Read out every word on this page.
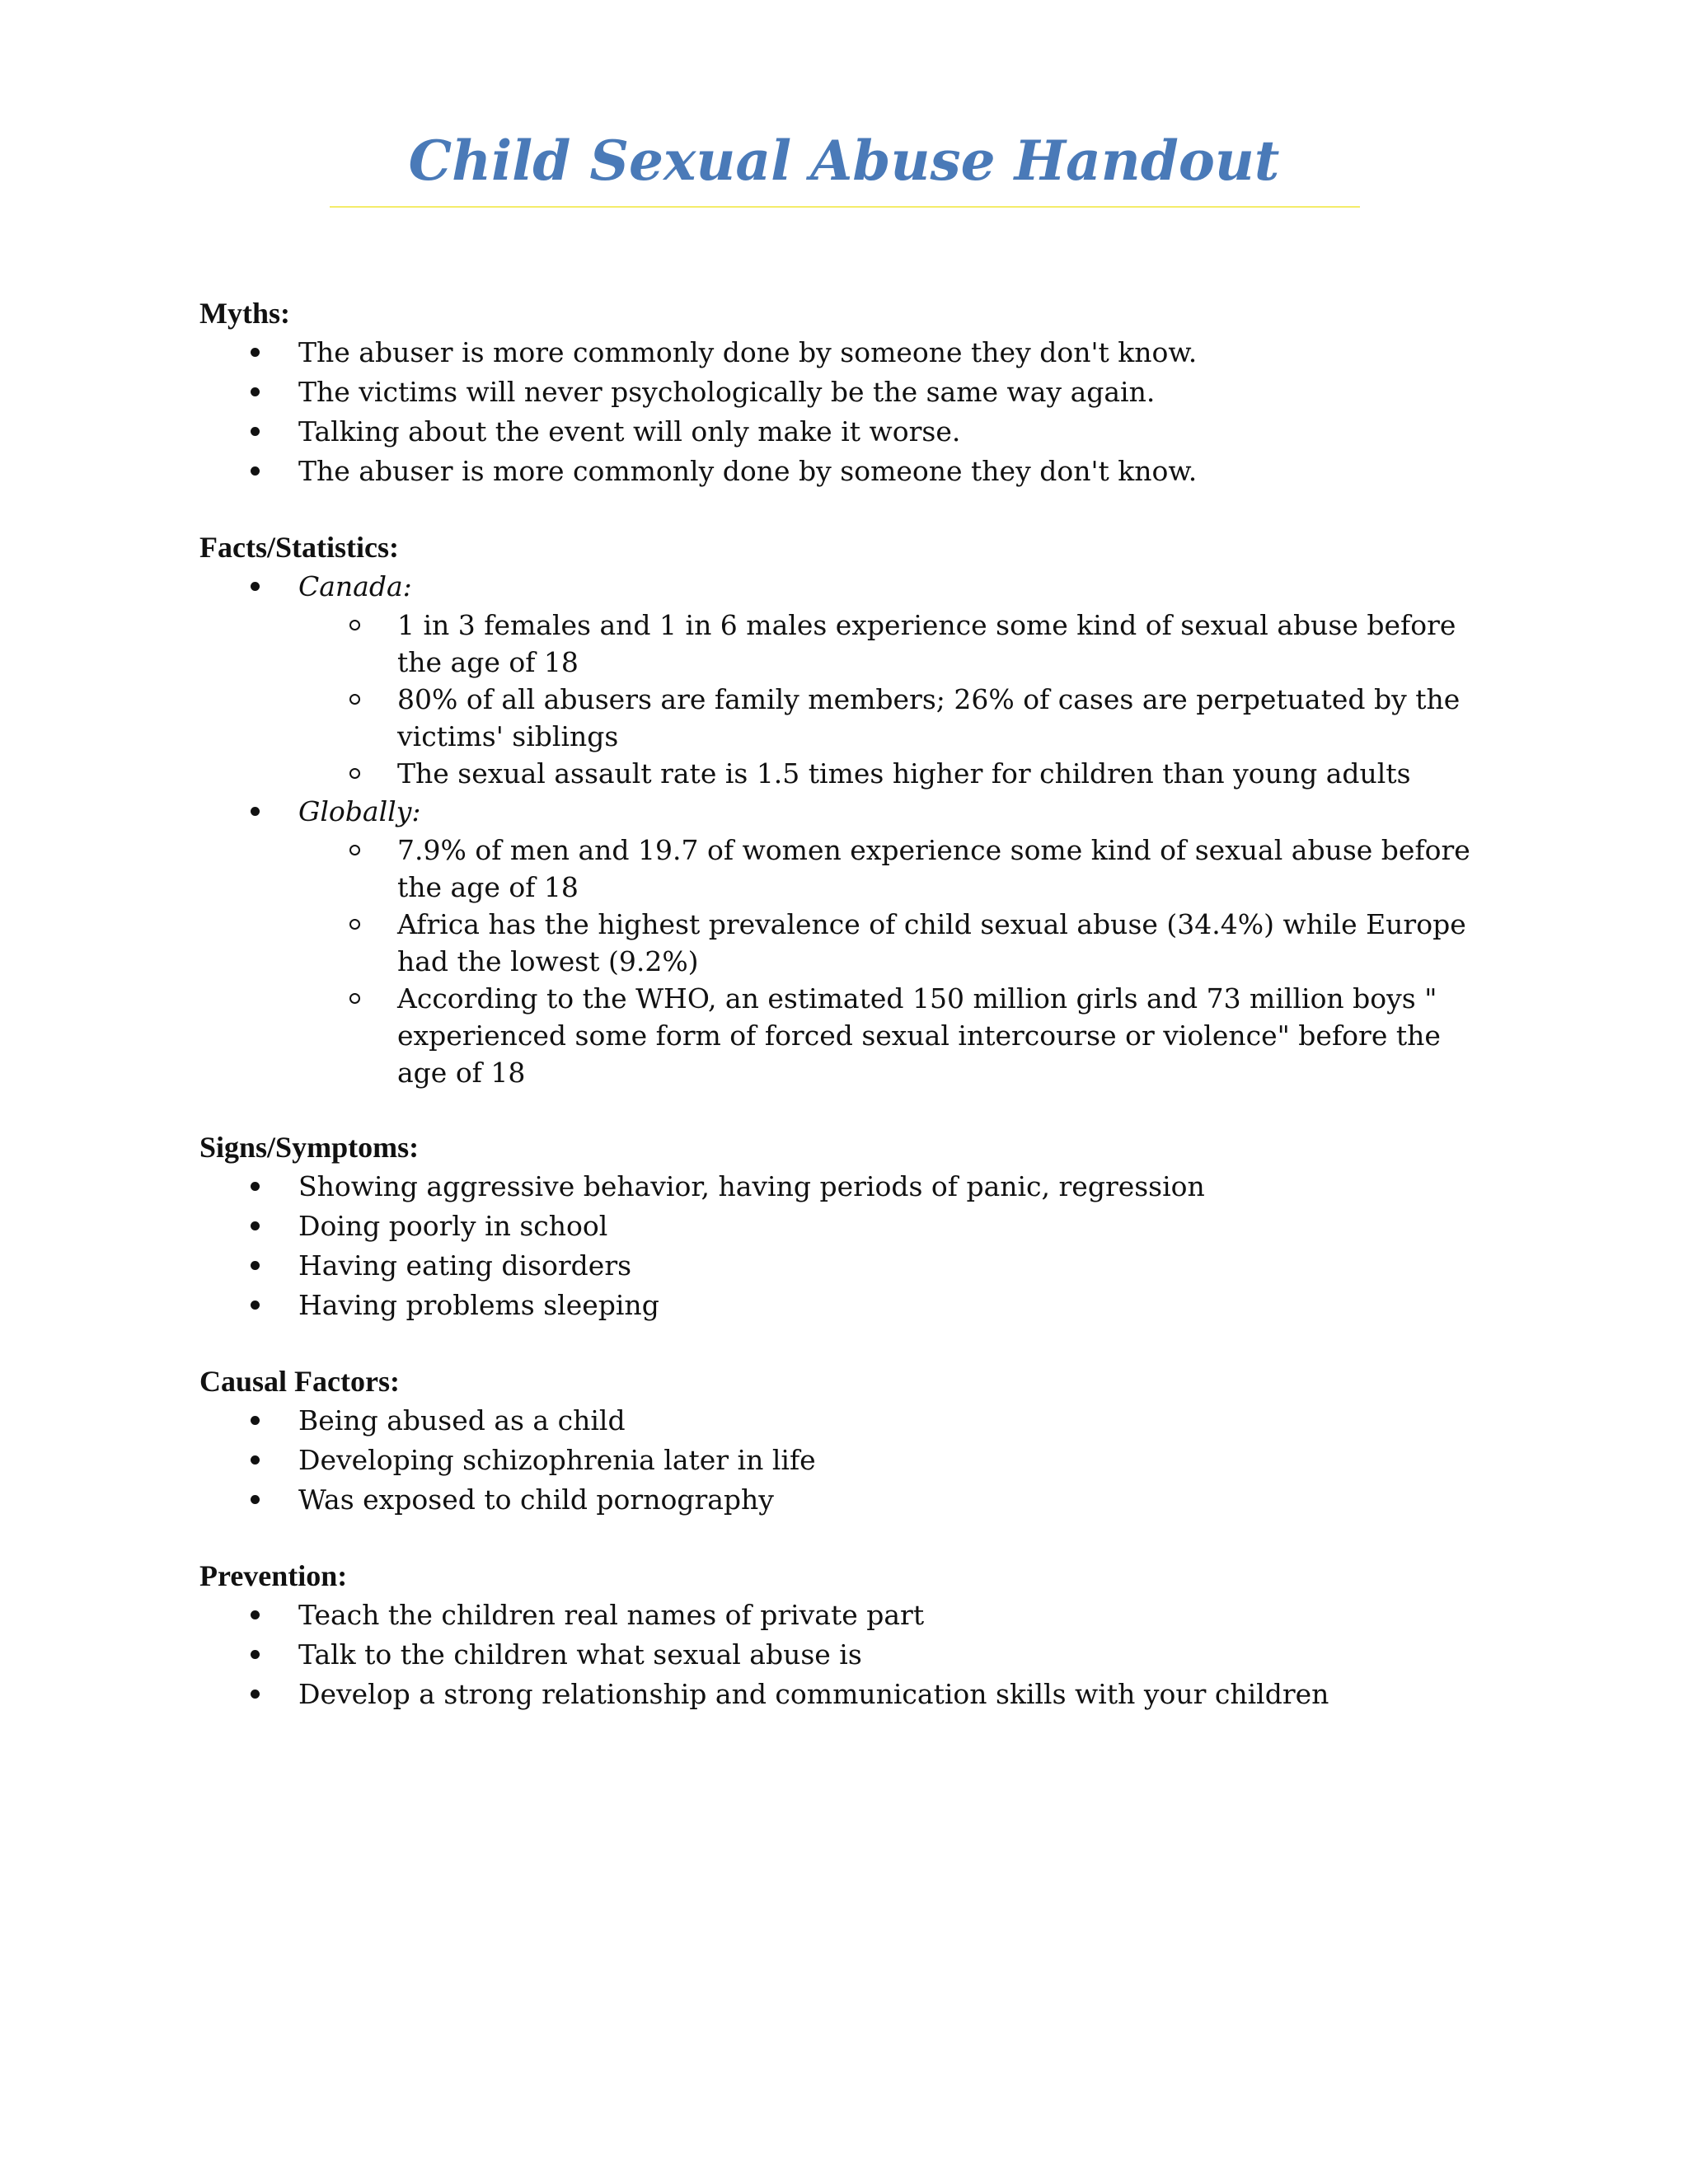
Child Sexual Abuse Handout

Myths:

The abuser is more commonly done by someone they don't know.
The victims will never psychologically be the same way again.
Talking about the event will only make it worse.
The abuser is more commonly done by someone they don't know.

Facts/Statistics:

Canada:
1 in 3 females and 1 in 6 males experience some kind of sexual abuse before the age of 18
80% of all abusers are family members; 26% of cases are perpetuated by the victims' siblings
The sexual assault rate is 1.5 times higher for children than young adults
Globally:
7.9% of men and 19.7 of women experience some kind of sexual abuse before the age of 18
Africa has the highest prevalence of child sexual abuse (34.4%) while Europe had the lowest (9.2%)
According to the WHO, an estimated 150 million girls and 73 million boys " experienced some form of forced sexual intercourse or violence" before the age of 18

Signs/Symptoms:

Showing aggressive behavior, having periods of panic, regression
Doing poorly in school
Having eating disorders
Having problems sleeping

Causal Factors:

Being abused as a child
Developing schizophrenia later in life
Was exposed to child pornography

Prevention:

Teach the children real names of private part
Talk to the children what sexual abuse is
Develop a strong relationship and communication skills with your children
